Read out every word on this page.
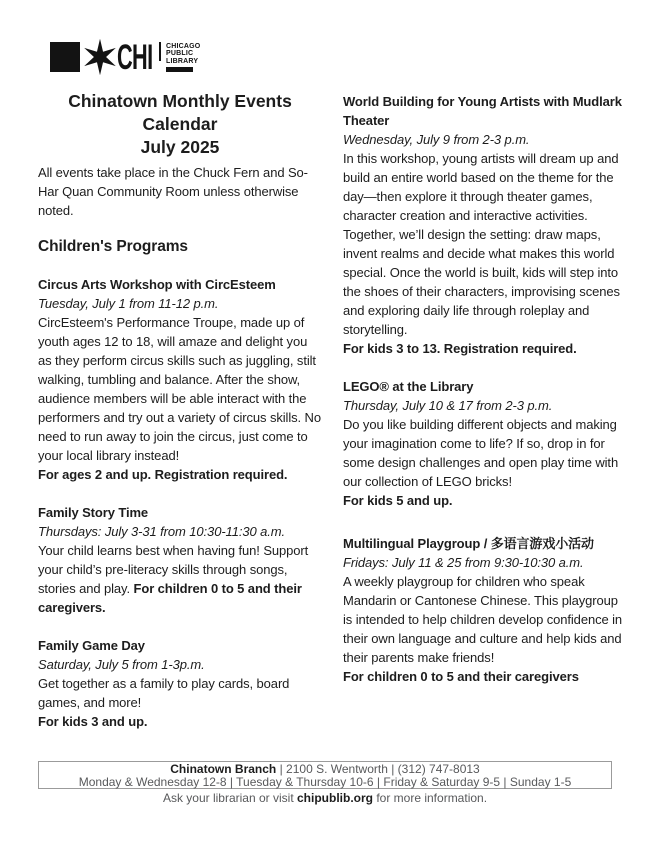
CHI CHICAGO
PUBLIC
LIBRARY
Chinatown Monthly Events Calendar
July 2025
All events take place in the Chuck Fern and So-Har Quan Community Room unless otherwise noted.
Children's Programs
Circus Arts Workshop with CircEsteem
Tuesday, July 1 from 11-12 p.m.
CircEsteem's Performance Troupe, made up of youth ages 12 to 18, will amaze and delight you as they perform circus skills such as juggling, stilt walking, tumbling and balance. After the show, audience members will be able interact with the performers and try out a variety of circus skills. No need to run away to join the circus, just come to your local library instead!
For ages 2 and up. Registration required.
Family Story Time
Thursdays: July 3-31 from 10:30-11:30 a.m.
Your child learns best when having fun! Support your child’s pre-literacy skills through songs, stories and play. For children 0 to 5 and their caregivers.
Family Game Day
Saturday, July 5 from 1-3p.m.
Get together as a family to play cards, board games, and more!
For kids 3 and up.
World Building for Young Artists with Mudlark Theater
Wednesday, July 9 from 2-3 p.m.
In this workshop, young artists will dream up and build an entire world based on the theme for the day—then explore it through theater games, character creation and interactive activities. Together, we’ll design the setting: draw maps, invent realms and decide what makes this world special. Once the world is built, kids will step into the shoes of their characters, improvising scenes and exploring daily life through roleplay and storytelling.
For kids 3 to 13. Registration required.
LEGO® at the Library
Thursday, July 10 & 17 from 2-3 p.m.
Do you like building different objects and making your imagination come to life? If so, drop in for some design challenges and open play time with our collection of LEGO bricks!
For kids 5 and up.
Multilingual Playgroup / 多语言游戏小活动
Fridays: July 11 & 25 from 9:30-10:30 a.m.
A weekly playgroup for children who speak Mandarin or Cantonese Chinese. This playgroup is intended to help children develop confidence in their own language and culture and help kids and their parents make friends!
For children 0 to 5 and their caregivers
Chinatown Branch | 2100 S. Wentworth | (312) 747-8013
Monday & Wednesday 12-8 | Tuesday & Thursday 10-6 | Friday & Saturday 9-5 | Sunday 1-5
Ask your librarian or visit chipublib.org for more information.
